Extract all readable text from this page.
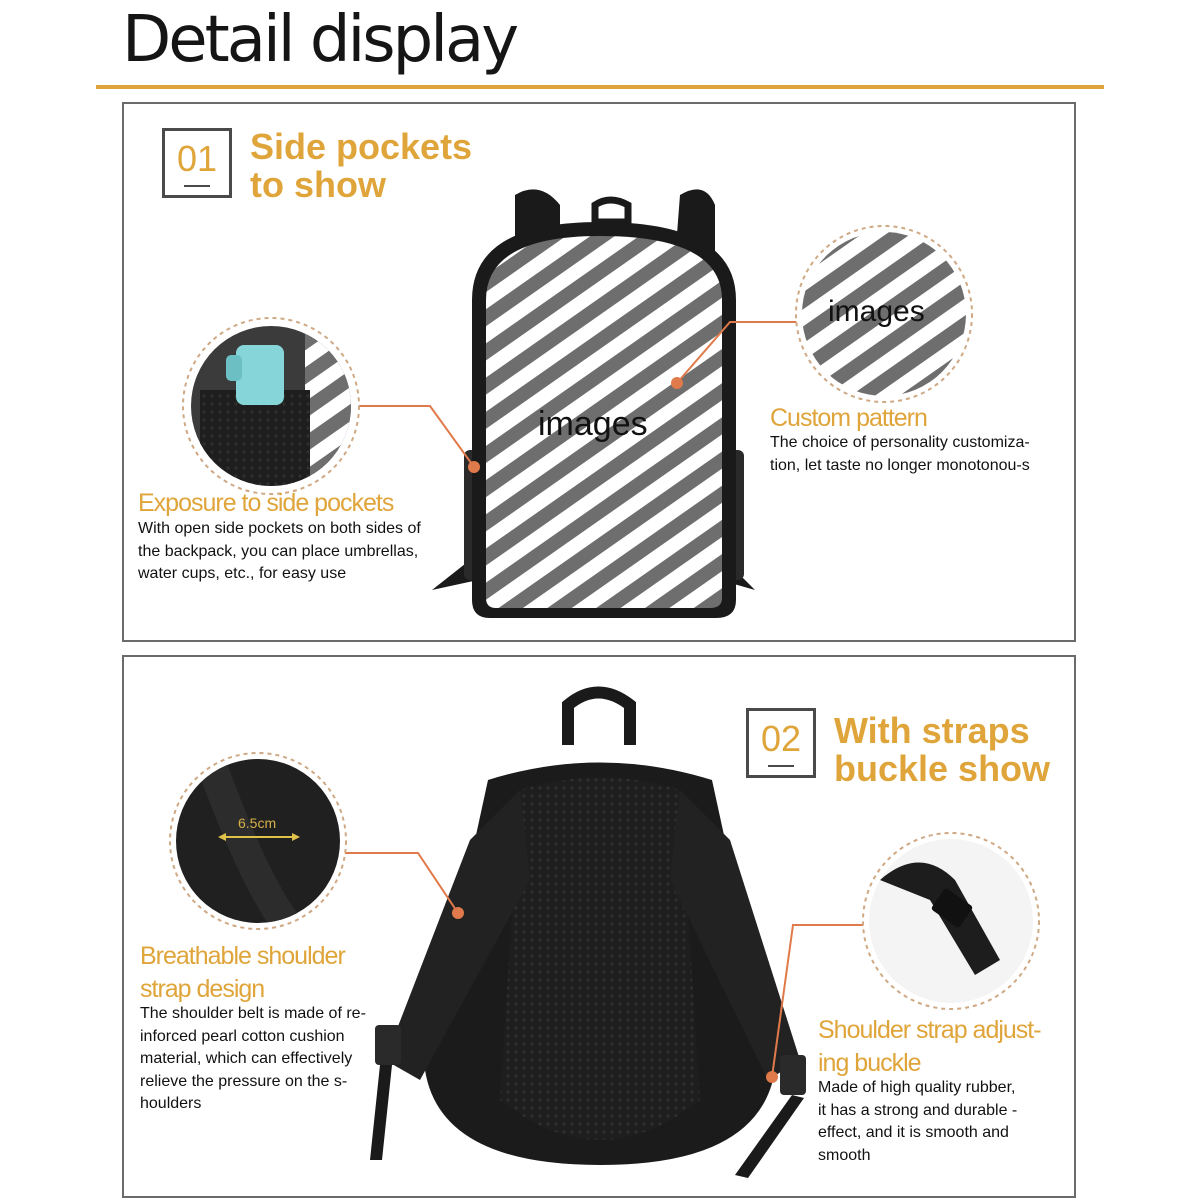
Detail display
images
images
6.5cm
01 Side pockets
to show
Exposure to side pockets
With open side pockets on both sides of
the backpack, you can place umbrellas,
water cups, etc., for easy use
Custom pattern
The choice of personality customiza-
tion, let taste no longer monotonou-s
02 With straps
buckle show
Breathable shoulder
strap design
The shoulder belt is made of re-
inforced pearl cotton cushion
material, which can effectively
relieve the pressure on the s-
houlders
Shoulder strap adjust-
ing buckle
Made of high quality rubber,
it has a strong and durable -
effect, and it is smooth and
smooth
